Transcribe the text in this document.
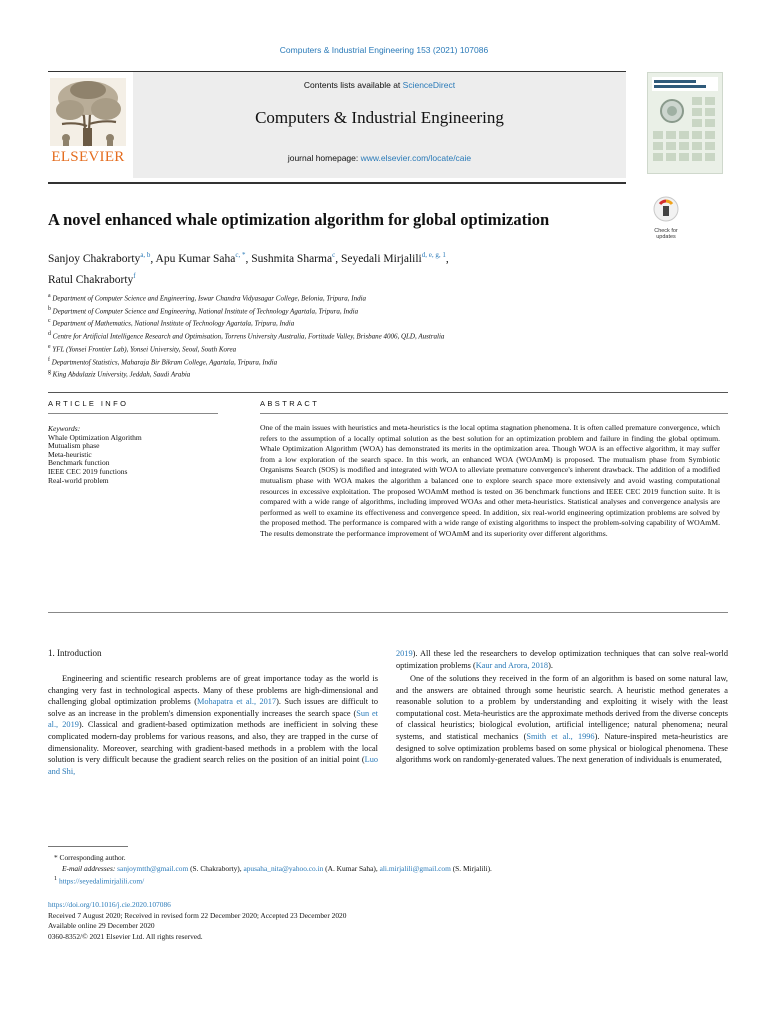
Computers & Industrial Engineering 153 (2021) 107086
Contents lists available at ScienceDirect
Computers & Industrial Engineering
journal homepage: www.elsevier.com/locate/caie
ELSEVIER
A novel enhanced whale optimization algorithm for global optimization
Check for updates
Sanjoy Chakraborty$^{a, b}$, Apu Kumar Saha$^{c, *}$, Sushmita Sharma$^c$, Seyedali Mirjalili$^{d, e, g, 1}$,
Ratul Chakraborty$^f$
$^a$ Department of Computer Science and Engineering, Iswar Chandra Vidyasagar College, Belonia, Tripura, India
$^b$ Department of Computer Science and Engineering, National Institute of Technology Agartala, Tripura, India
$^c$ Department of Mathematics, National Institute of Technology Agartala, Tripura, India
$^d$ Centre for Artificial Intelligence Research and Optimisation, Torrens University Australia, Fortitude Valley, Brisbane 4006, QLD, Australia
$^e$ YFL (Yonsei Frontier Lab), Yonsei University, Seoul, South Korea
$^f$ Departmentof Statistics, Maharaja Bir Bikram College, Agartala, Tripura, India
$^g$ King Abdulaziz University, Jeddah, Saudi Arabia
ARTICLE INFO	ABSTRACT
Keywords:
Whale Optimization Algorithm
Mutualism phase
Meta-heuristic
Benchmark function
IEEE CEC 2019 functions
Real-world problem
One of the main issues with heuristics and meta-heuristics is the local optima stagnation phenomena. It is often called premature convergence, which refers to the assumption of a locally optimal solution as the best solution for an optimization problem and failure in finding the global optimum. Whale Optimization Algorithm (WOA) has demonstrated its merits in the optimization area. Though WOA is an effective algorithm, it may suffer from a low exploration of the search space. In this work, an enhanced WOA (WOAmM) is proposed. The mutualism phase from Symbiotic Organisms Search (SOS) is modified and integrated with WOA to alleviate premature convergence's inherent drawback. The addition of a modified mutualism phase with WOA makes the algorithm a balanced one to explore search space more extensively and avoid wasting computational resources in excessive exploitation. The proposed WOAmM method is tested on 36 benchmark functions and IEEE CEC 2019 function suite. It is compared with a wide range of algorithms, including improved WOAs and other meta-heuristics. Statistical analyses and convergence analysis are performed as well to examine its effectiveness and convergence speed. In addition, six real-world engineering optimization problems are solved by the proposed method. The performance is compared with a wide range of existing algorithms to inspect the problem-solving capability of WOAmM. The results demonstrate the performance improvement of WOAmM and its superiority over different algorithms.
1. Introduction
Engineering and scientific research problems are of great importance today as the world is changing very fast in technological aspects. Many of these problems are high-dimensional and challenging global optimization problems (Mohapatra et al., 2017). Such issues are difficult to solve as an increase in the problem's dimension exponentially increases the search space (Sun et al., 2019). Classical and gradient-based optimization methods are inefficient in solving these complicated modern-day problems for various reasons, and also, they are trapped in the curse of dimensionality. Moreover, searching with gradient-based methods in a problem with the local solution is very difficult because the gradient search relies on the position of an initial point (Luo and Shi,
2019). All these led the researchers to develop optimization techniques that can solve real-world optimization problems (Kaur and Arora, 2018).
One of the solutions they received in the form of an algorithm is based on some natural law, and the answers are obtained through some heuristic search. A heuristic method generates a reasonable solution to a problem by understanding and exploiting it wisely with the least computational cost. Meta-heuristics are the approximate methods derived from the diverse concepts of classical heuristics; biological evolution, artificial intelligence; natural phenomena; neural systems, and statistical mechanics (Smith et al., 1996). Nature-inspired meta-heuristics are designed to solve optimization problems based on some physical or biological phenomena. These algorithms work on randomly-generated values. The next generation of individuals is enumerated,
* Corresponding author.
E-mail addresses: sanjoymtth@gmail.com (S. Chakraborty), apusaha_nita@yahoo.co.in (A. Kumar Saha), ali.mirjalili@gmail.com (S. Mirjalili).
$^1$ https://seyedalimirjalili.com/
https://doi.org/10.1016/j.cie.2020.107086
Received 7 August 2020; Received in revised form 22 December 2020; Accepted 23 December 2020
Available online 29 December 2020
0360-8352/© 2021 Elsevier Ltd. All rights reserved.
